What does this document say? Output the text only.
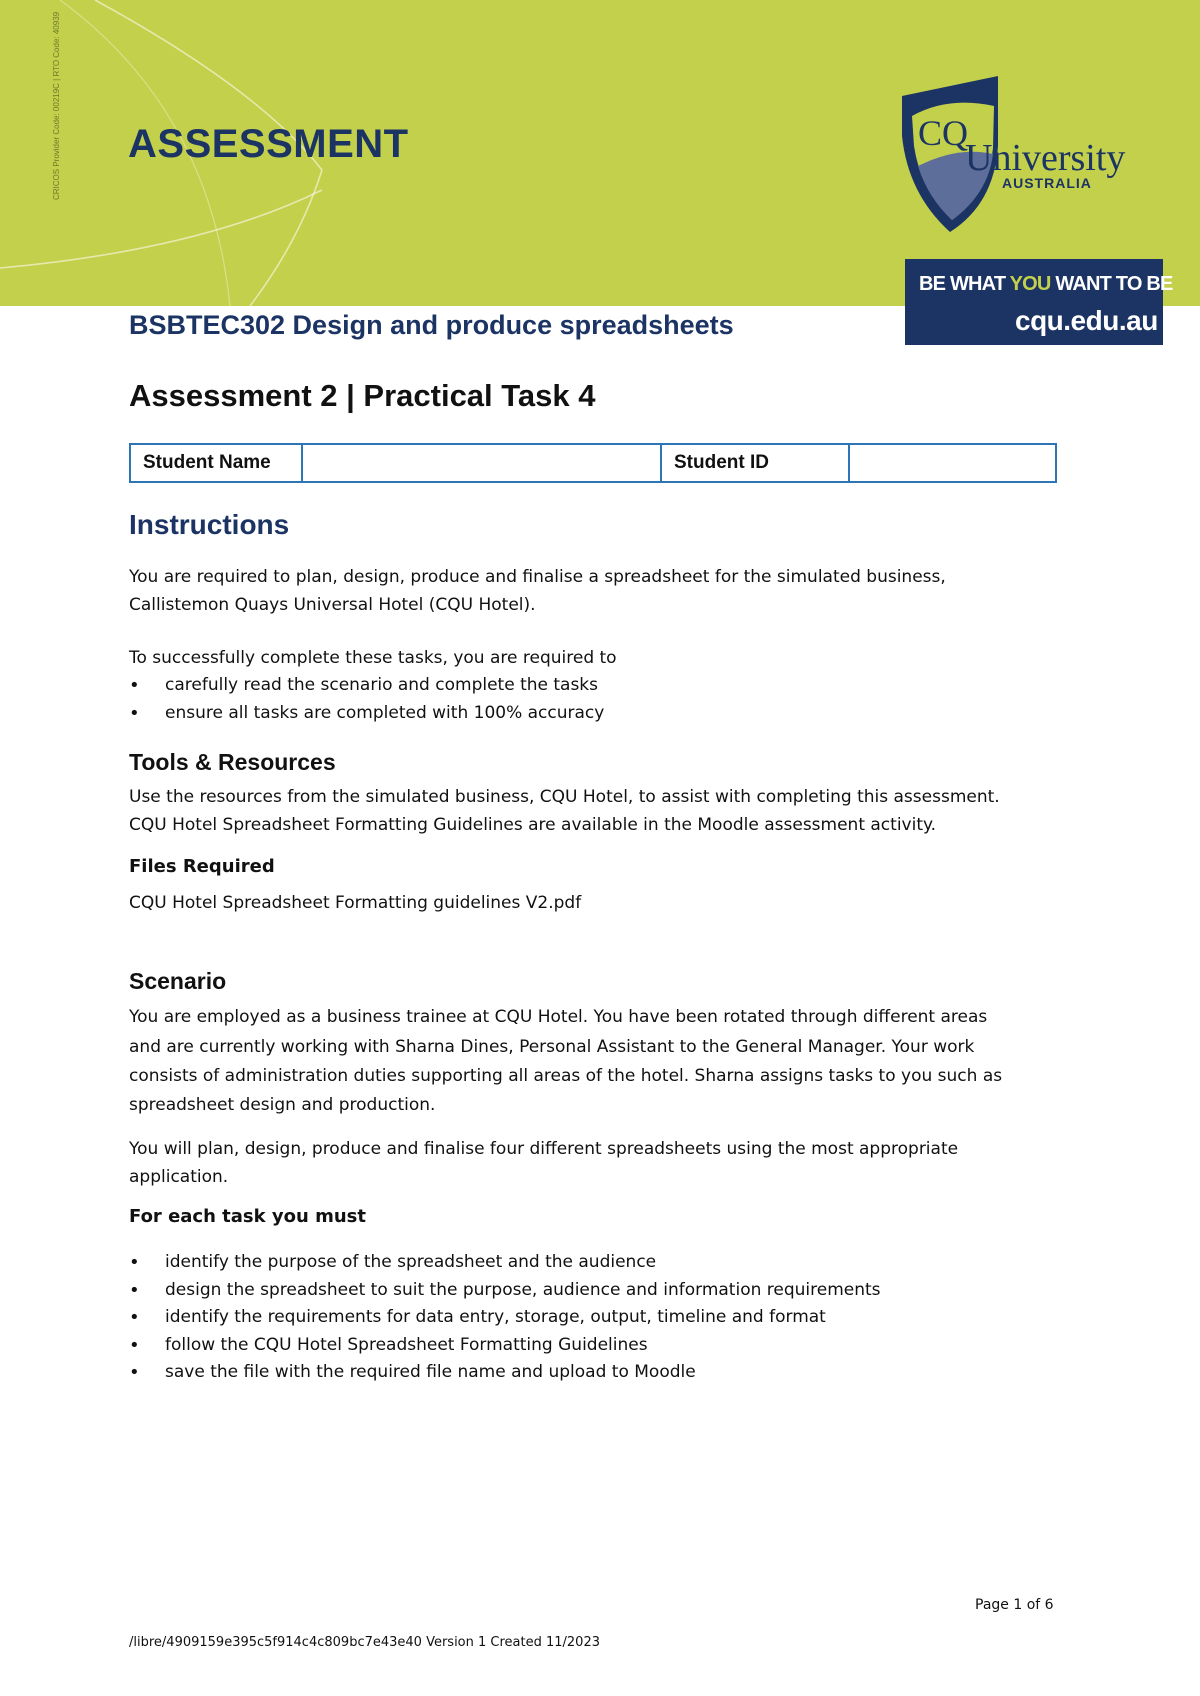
CRICOS Provider Code: 00219C | RTO Code: 40939 ASSESSMENT	CQ
University
AUSTRALIA
BE WHAT YOU WANT TO BE
cqu.edu.au
BSBTEC302 Design and produce spreadsheets
Assessment 2 | Practical Task 4
Student Name		Student ID	
Instructions
You are required to plan, design, produce and finalise a spreadsheet for the simulated business,
Callistemon Quays Universal Hotel (CQU Hotel).
To successfully complete these tasks, you are required to
• carefully read the scenario and complete the tasks
• ensure all tasks are completed with 100% accuracy
Tools & Resources
Use the resources from the simulated business, CQU Hotel, to assist with completing this assessment.
CQU Hotel Spreadsheet Formatting Guidelines are available in the Moodle assessment activity.
Files Required
CQU Hotel Spreadsheet Formatting guidelines V2.pdf
Scenario
You are employed as a business trainee at CQU Hotel. You have been rotated through different areas
and are currently working with Sharna Dines, Personal Assistant to the General Manager. Your work
consists of administration duties supporting all areas of the hotel. Sharna assigns tasks to you such as
spreadsheet design and production.
You will plan, design, produce and finalise four different spreadsheets using the most appropriate
application.
For each task you must
• identify the purpose of the spreadsheet and the audience
• design the spreadsheet to suit the purpose, audience and information requirements
• identify the requirements for data entry, storage, output, timeline and format
• follow the CQU Hotel Spreadsheet Formatting Guidelines
• save the file with the required file name and upload to Moodle
Page 1 of 6
/libre/4909159e395c5f914c4c809bc7e43e40 Version 1 Created 11/2023
